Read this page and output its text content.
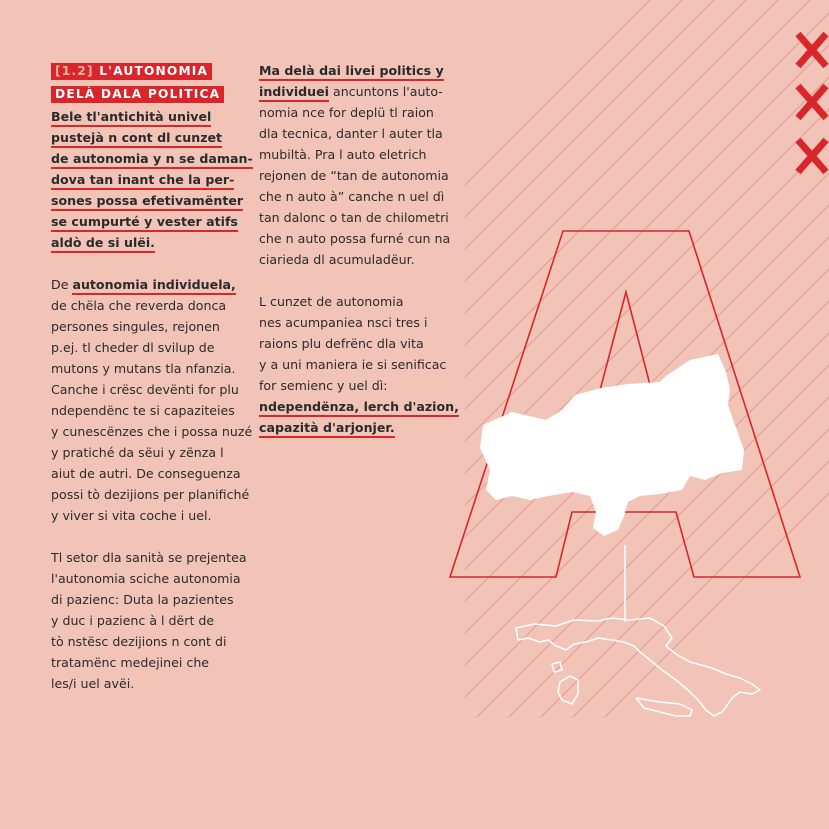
[1.2] L'AUTONOMIA
DELÀ DALA POLITICA
Bele tl'antichità univel
pustejà n cont dl cunzet
de autonomia y n se daman-
dova tan inant che la per-
sones possa efetivamënter
se cumpurté y vester atifs
aldò de si ulëi.
De autonomia individuela,
de chëla che reverda donca
persones singules, rejonen
p.ej. tl cheder dl svilup de
mutons y mutans tla nfanzia.
Canche i crësc devënti for plu
ndependënc te si capaziteies
y cunescënzes che i possa nuzé
y pratiché da sëui y zënza l
aiut de autri. De conseguenza
possi tò dezijions per planifiché
y viver si vita coche i uel.
Tl setor dla sanità se prejentea
l'autonomia sciche autonomia
di pazienc: Duta la pazientes
y duc i pazienc à l dërt de
tò nstësc dezijions n cont di
tratamënc medejinei che
les/i uel avëi.
Ma delà dai livei politics y
individuei ancuntons l'auto-
nomia nce for deplü tl raion
dla tecnica, danter l auter tla
mubiltà. Pra l auto eletrich
rejonen de “tan de autonomia
che n auto à” canche n uel dì
tan dalonc o tan de chilometri
che n auto possa furné cun na
ciarieda dl acumuladëur.
L cunzet de autonomia
nes acumpaniea nsci tres i
raions plu defrënc dla vita
y a uni maniera ie si senificac
for semienc y uel dì:
ndependënza, lerch d'azion,
capazità d'arjonjer.
